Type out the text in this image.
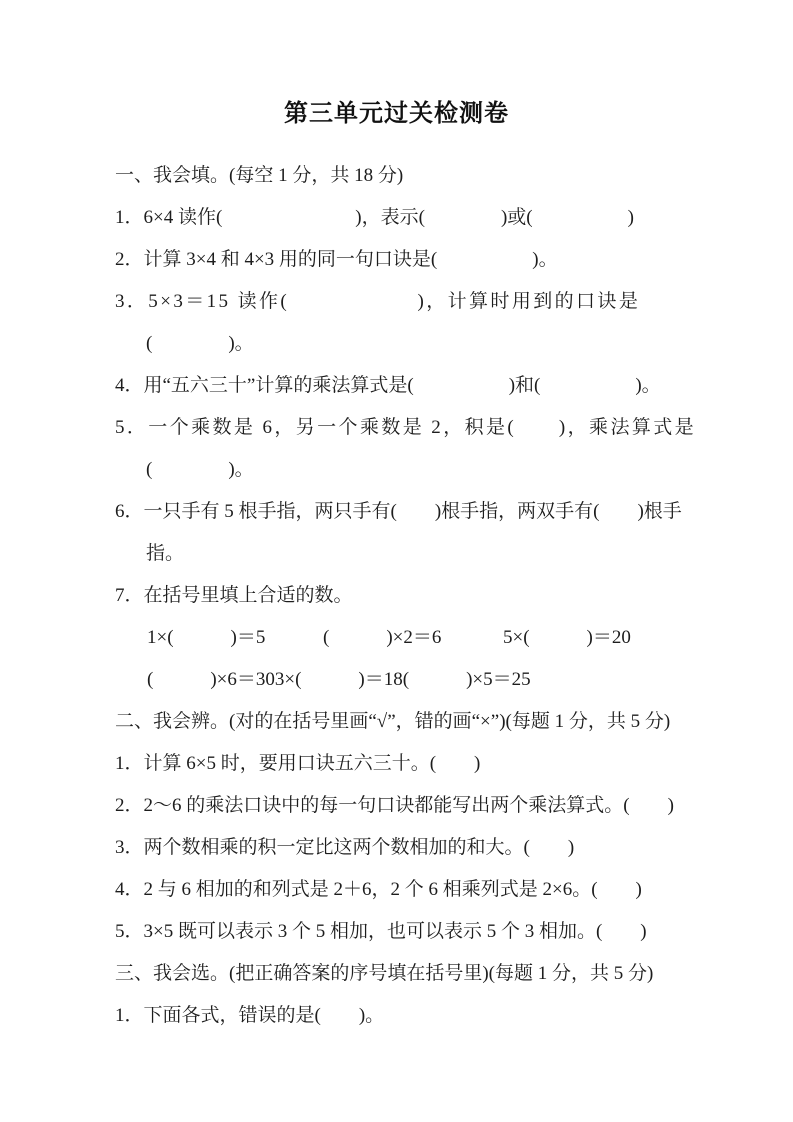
第三单元过关检测卷
一、我会填。(每空 1 分，共 18 分)
1．6×4 读作(　　　　　　　)，表示(　　　　)或(　　　　　)
2．计算 3×4 和 4×3 用的同一句口诀是(　　　　　)。
3．5×3＝15 读作(　　　　　　)，计算时用到的口诀是
(　　　　)。
4．用“五六三十”计算的乘法算式是(　　　　　)和(　　　　　)。
5．一个乘数是 6，另一个乘数是 2，积是(　　)，乘法算式是
(　　　　)。
6．一只手有 5 根手指，两只手有(　　)根手指，两双手有(　　)根手
指。
7．在括号里填上合适的数。
1×(　　　)＝5	(　　　)×2＝6	5×(　　　)＝20
(　　　)×6＝30 3×(　　　)＝18 (　　　)×5＝25
二、我会辨。(对的在括号里画“√”，错的画“×”)(每题 1 分，共 5 分)
1．计算 6×5 时，要用口诀五六三十。(　　)
2．2～6 的乘法口诀中的每一句口诀都能写出两个乘法算式。(　　)
3．两个数相乘的积一定比这两个数相加的和大。(　　)
4．2 与 6 相加的和列式是 2＋6，2 个 6 相乘列式是 2×6。(　　)
5．3×5 既可以表示 3 个 5 相加，也可以表示 5 个 3 相加。(　　)
三、我会选。(把正确答案的序号填在括号里)(每题 1 分，共 5 分)
1．下面各式，错误的是(　　)。
